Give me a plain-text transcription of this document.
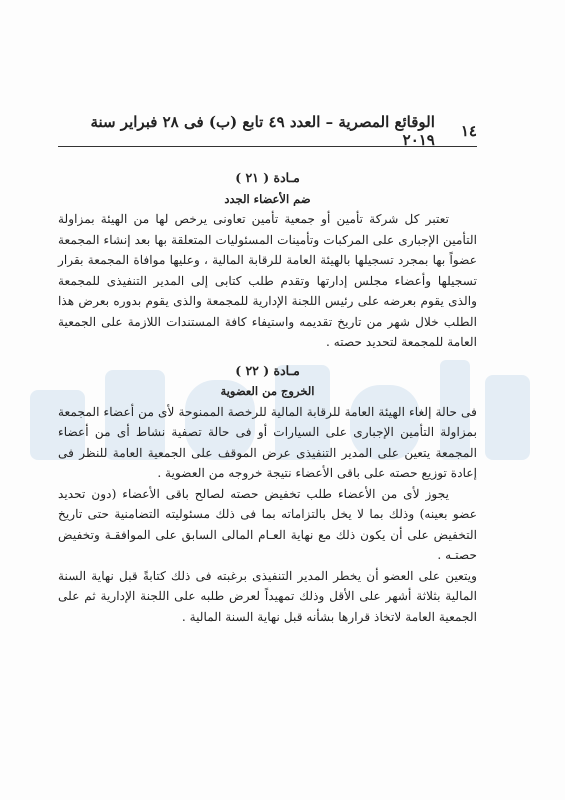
١٤
الوقائع المصرية – العدد ٤٩ تابع (ب) فى ٢٨ فبراير سنة ٢٠١٩

مـادة ( ٢١ )

ضم الأعضاء الجدد

تعتبر كل شركة تأمين أو جمعية تأمين تعاونى يرخص لها من الهيئة بمزاولة التأمين الإجبارى على المركبات وتأمينات المسئوليات المتعلقة بها بعد إنشاء المجمعة عضواً بها بمجرد تسجيلها بالهيئة العامة للرقابة المالية ، وعليها موافاة المجمعة بقرار تسجيلها وأعضاء مجلس إدارتها وتقدم طلب كتابى إلى المدير التنفيذى للمجمعة والذى يقوم بعرضه على رئيس اللجنة الإدارية للمجمعة والذى يقوم بدوره بعرض هذا الطلب خلال شهر من تاريخ تقديمه واستيفاء كافة المستندات اللازمة على الجمعية العامة للمجمعة لتحديد حصته .

مـادة ( ٢٢ )

الخروج من العضوية

فى حالة إلغاء الهيئة العامة للرقابة المالية للرخصة الممنوحة لأى من أعضاء المجمعة بمزاولة التأمين الإجبارى على السيارات أو فى حالة تصفية نشاط أى من أعضاء المجمعة يتعين على المدير التنفيذى عرض الموقف على الجمعية العامة للنظر فى إعادة توزيع حصته على باقى الأعضاء نتيجة خروجه من العضوية .

يجوز لأى من الأعضاء طلب تخفيض حصته لصالح باقى الأعضاء (دون تحديد عضو بعينه) وذلك بما لا يخل بالتزاماته بما فى ذلك مسئوليته التضامنية حتى تاريخ التخفيض على أن يكون ذلك مع نهاية العـام المالى السابق على الموافقـة وتخفيض حصتـه .

ويتعين على العضو أن يخطر المدير التنفيذى برغبته فى ذلك كتابةً قبل نهاية السنة المالية بثلاثة أشهر على الأقل وذلك تمهيداً لعرض طلبه على اللجنة الإدارية ثم على الجمعية العامة لاتخاذ قرارها بشأنه قبل نهاية السنة المالية .
